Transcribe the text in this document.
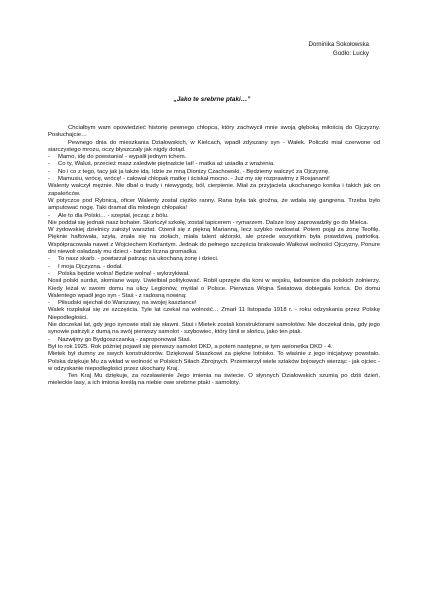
Dominika Sokołowska
Godło: Lucky
„Jako te srebrne ptaki…”

Chciałbym wam opowiedzieć historię pewnego chłopca, który zachwycił mnie swoją głęboką miłością do Ojczyzny. Posłuchajcie…

Pewnego dnia do mieszkania Działowskich, w Kielcach, wpadł zdyszany syn - Wałek. Policzki miał czerwone od siarczystego mrozu, oczy błyszczały jak nigdy dotąd.

- Mamo, idę do powstania! - wypalił jednym tchem.

- Co ty, Waluś, przecież masz zaledwie piętnaście lat! - matka aż usiadła z wrażenia.

- No i co z tego, tacy jak ja także idą. Idzie ze mną Dionizy Czachowski. - Będziemy walczyć za Ojczyznę.

- Mamusiu, wrócę, wrócę! - całował chłopak matkę i ściskał mocno. - Już my się rozprawimy z Rosjanami!

Walenty walczył mężnie. Nie dbał o trudy i niewygody, ból, cierpienie. Miał za przyjaciela ukochanego konika i takich jak on zapaleńców.

W potyczce pod Rybnicą, oficer Walenty został ciężko ranny. Rana była tak groźna, że wdała się gangrena. Trzeba było amputować nogę. Taki dramat dla młodego chłopaka!

- Ale to dla Polski… - szeptał, jecząc z bólu.

Nie poddał się jednak nasz bohater. Skończył szkołę, został tapicerem - rymarzem. Dalsze losy zaprowadziły go do Mielca.

W żydowskiej dzielnicy założył warsztat. Ożenił się z piękną Marianną, lecz szybko owdowiał. Potem pojął za żonę Teofilę. Pięknie haftowała, szyła, znała się na ziołach, miała talent aktorski, ale przede wszystkim była prawdziwą patriotką. Współpracowała nawet z Wojciechem Korfantym. Jednak do pełnego szczęścia brakowało Wałkowi wolności Ojczyzny. Ponure dni niewoli osładzały mu dzieci - bardzo liczna gromadka.

- To nasz skarb. - powtarzał patrząc na ukochaną żonę i dzieci.

- I moja Ojczyzna. - dodał.

- Polska będzie wolna! Będzie wolna! - wykrzykiwał.

Nosił polski surdut, słomiane wąsy. Uwielbiał politykować. Robił uprzęże dla koni w wojsku, ładownice dla polskich żołnierzy. Kiedy leżał w swoim domu na ulicy Legionów, myślał o Polsce. Pierwsza Wojna Światowa dobiegała końca. Do domu Walentego wpadł jego syn - Staś - z radosną nowiną:

- Piłsudski wjechał do Warszawy, na swojej kasztance!

Walek rozpłakał się ze szczęścia. Tyle lat czekał na wolność… Zmarł 11 listopada 1918 r. - roku odzyskania przez Polskę Niepodległości.

Nie doczekał lat, gdy jego synowie stali się sławni. Staś i Mietek zostali konstruktorami samolotów. Nie doczekał dnia, gdy jego synowie patrzyli z dumą na swój pierwszy samolot - szybowiec, który lśnił w słońcu, jako ten ptak.

- Nazwijmy go Bydgoszczanką - zaproponował Staś.

Był to rok 1925. Rok później pojawił się pierwszy samolot DKD, a potem następne, w tym awionetka DKD - 4.

Mietek był dumny ze swych konstruktorów. Dziękował Staszkowi za piękne lotnisko. To właśnie z jego inicjatywy powstało. Polska dziękuje Mu za wkład w wolność w Polskich Siłach Zbrojnych. Przemierzył wiele szlaków bojowych wierząc - jak ojciec - w odzyskanie niepodległości przez ukochany Kraj.

Ten Kraj Mu dziękuje, za rozsławienie Jego imienia na świecie. O słynnych Działowskich szumią po dziś dzień, mieleckie lasy, a ich imiona kreślą na niebie owe srebrne ptaki - samoloty.
